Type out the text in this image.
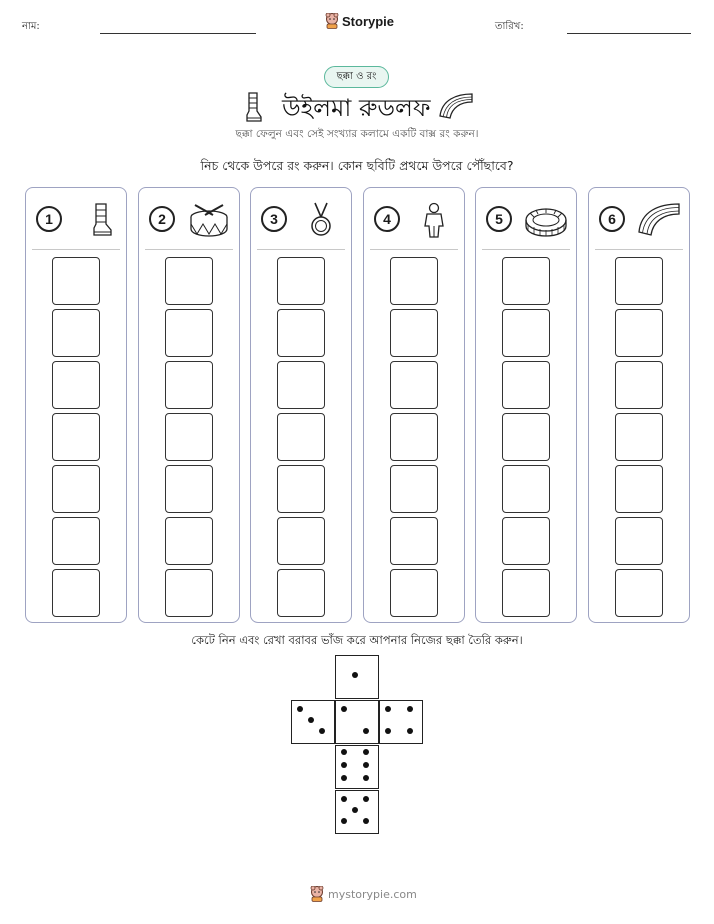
নাম:	Storypie	তারিখ:
ছক্কা ও রং
উইলমা রুডলফ
ছক্কা ফেলুন এবং সেই সংখ্যার কলামে একটি বাক্স রং করুন।
নিচ থেকে উপরে রং করুন। কোন ছবিটি প্রথমে উপরে পৌঁছাবে?
1	2	3	4	5	6
কেটে নিন এবং রেখা বরাবর ভাঁজ করে আপনার নিজের ছক্কা তৈরি করুন।
mystorypie.com
